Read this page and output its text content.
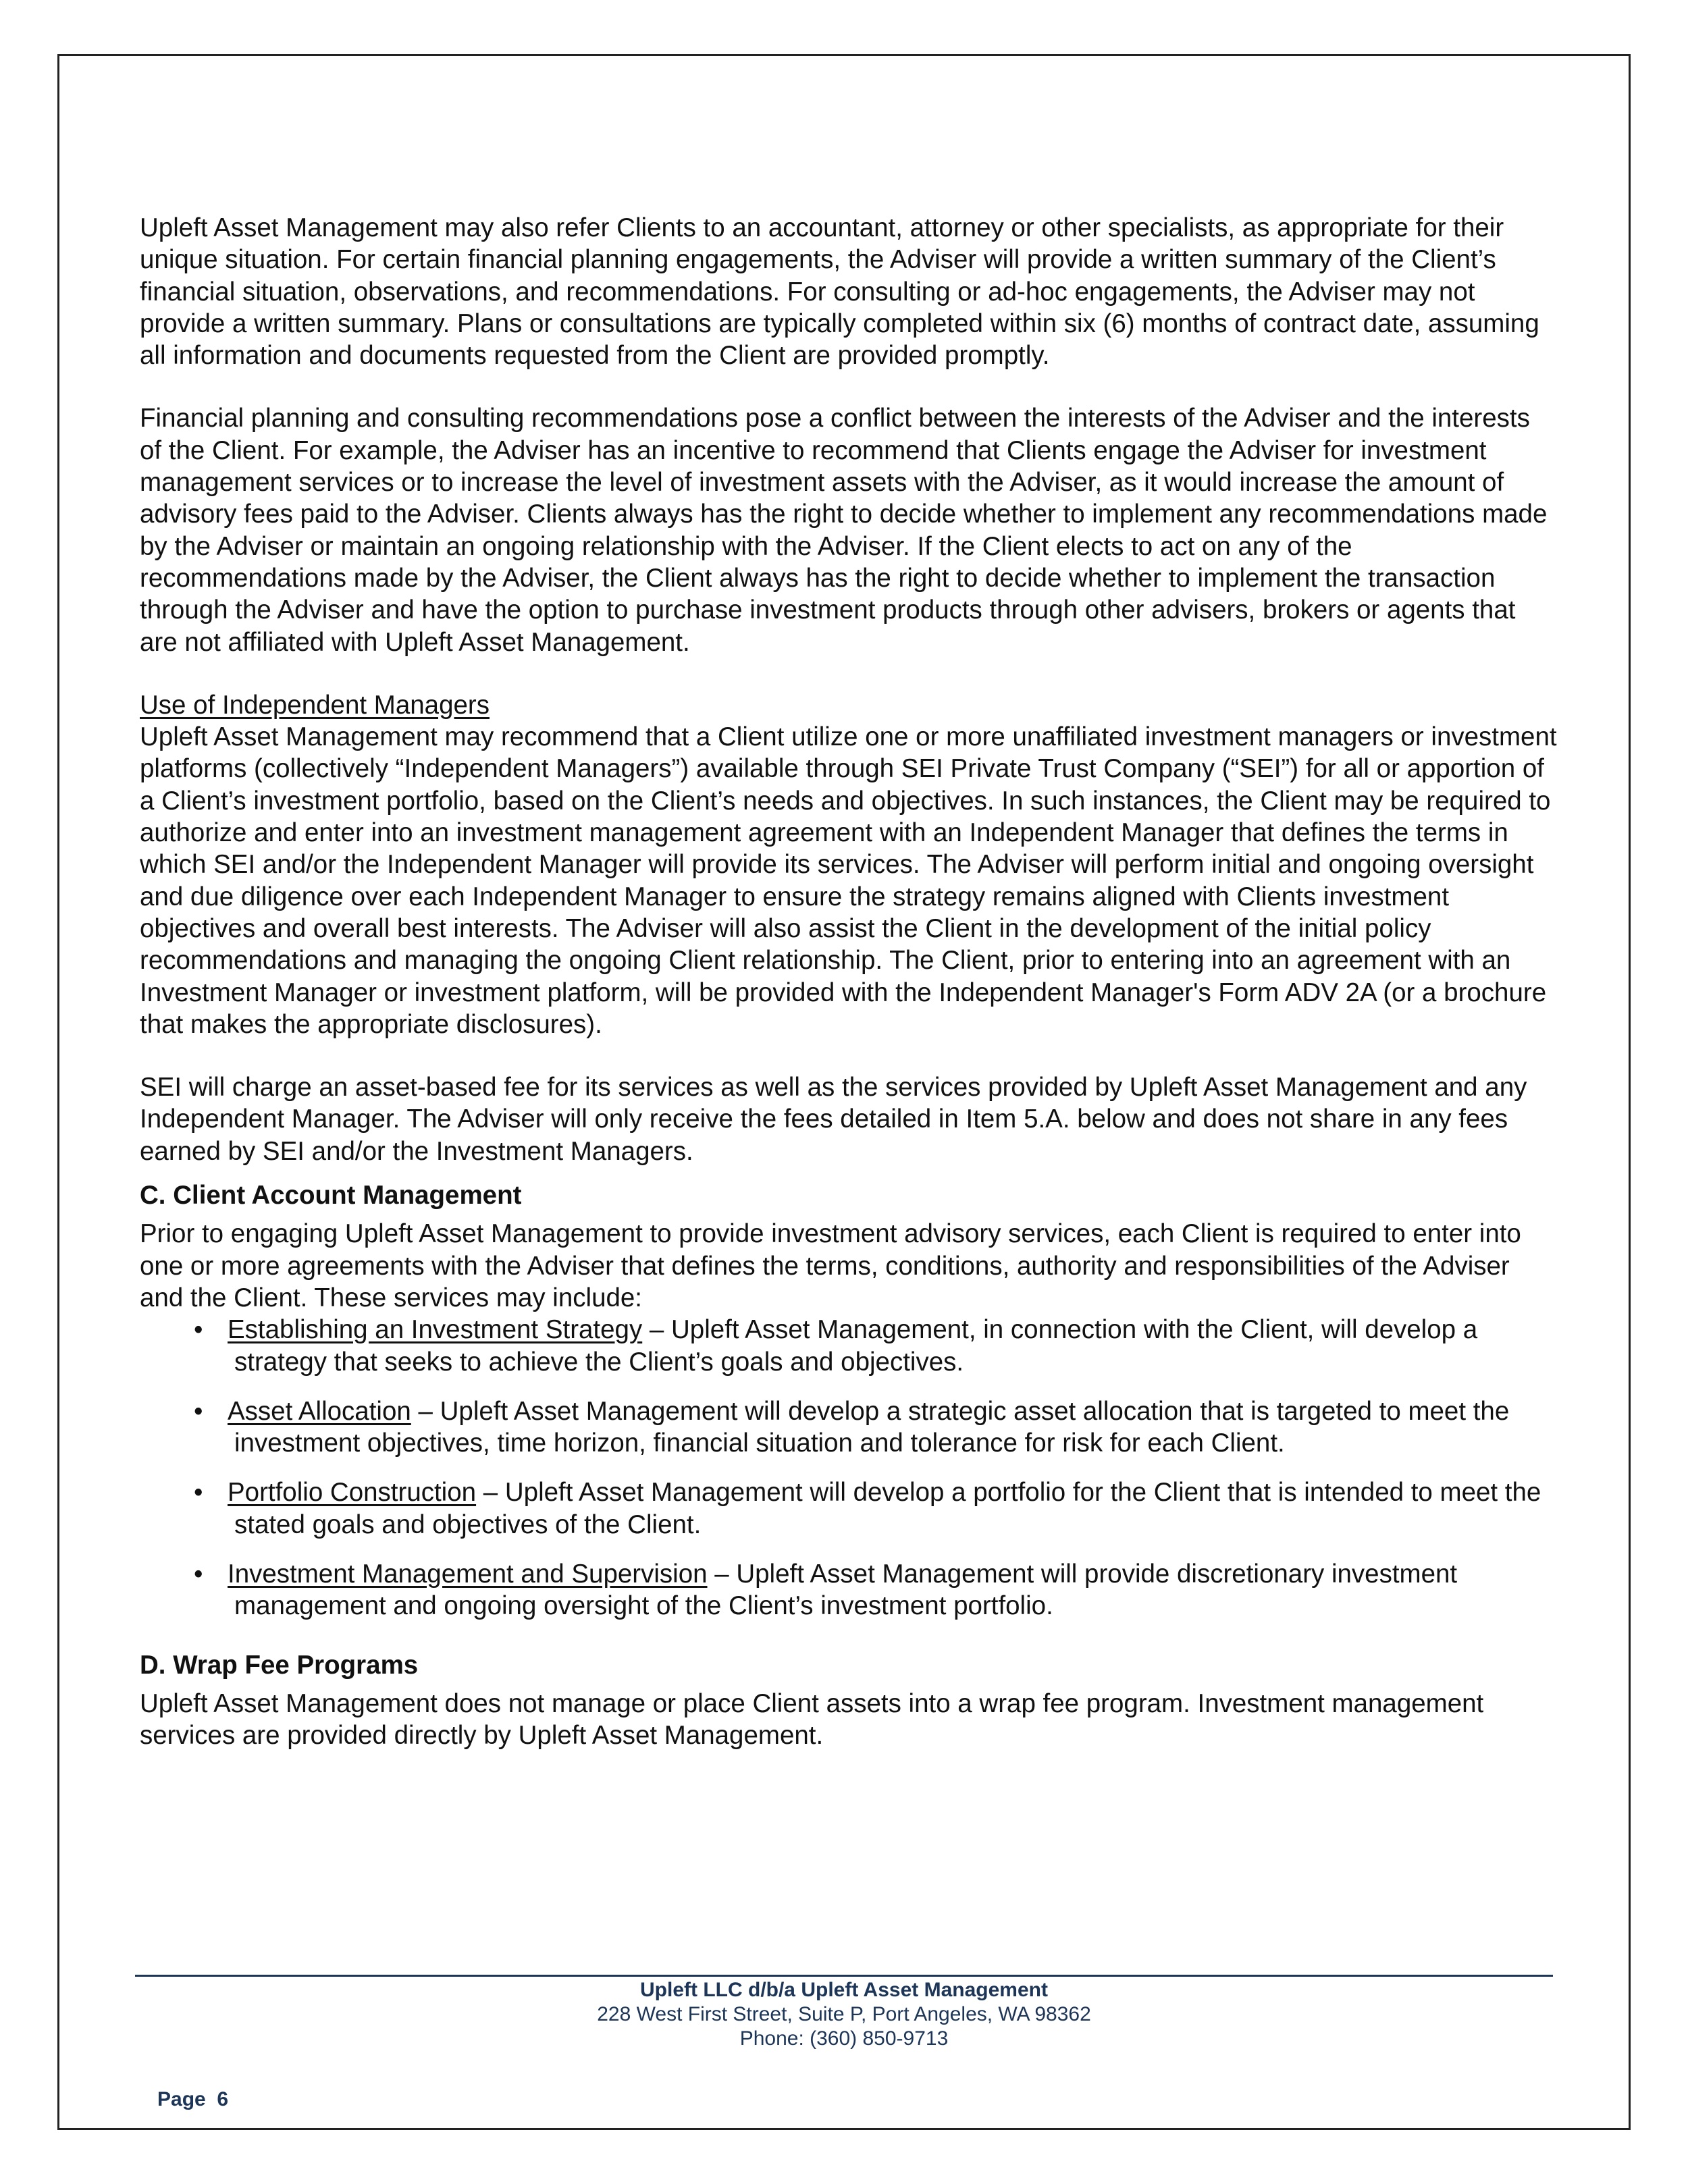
Upleft Asset Management may also refer Clients to an accountant, attorney or other specialists, as appropriate for their unique situation. For certain financial planning engagements, the Adviser will provide a written summary of the Client’s financial situation, observations, and recommendations. For consulting or ad-hoc engagements, the Adviser may not provide a written summary. Plans or consultations are typically completed within six (6) months of contract date, assuming all information and documents requested from the Client are provided promptly.

Financial planning and consulting recommendations pose a conflict between the interests of the Adviser and the interests of the Client. For example, the Adviser has an incentive to recommend that Clients engage the Adviser for investment management services or to increase the level of investment assets with the Adviser, as it would increase the amount of advisory fees paid to the Adviser. Clients always has the right to decide whether to implement any recommendations made by the Adviser or maintain an ongoing relationship with the Adviser. If the Client elects to act on any of the recommendations made by the Adviser, the Client always has the right to decide whether to implement the transaction through the Adviser and have the option to purchase investment products through other advisers, brokers or agents that are not affiliated with Upleft Asset Management.

Use of Independent Managers

Upleft Asset Management may recommend that a Client utilize one or more unaffiliated investment managers or investment platforms (collectively “Independent Managers”) available through SEI Private Trust Company (“SEI”) for all or apportion of a Client’s investment portfolio, based on the Client’s needs and objectives. In such instances, the Client may be required to authorize and enter into an investment management agreement with an Independent Manager that defines the terms in which SEI and/or the Independent Manager will provide its services. The Adviser will perform initial and ongoing oversight and due diligence over each Independent Manager to ensure the strategy remains aligned with Clients investment objectives and overall best interests. The Adviser will also assist the Client in the development of the initial policy recommendations and managing the ongoing Client relationship. The Client, prior to entering into an agreement with an Investment Manager or investment platform, will be provided with the Independent Manager's Form ADV 2A (or a brochure that makes the appropriate disclosures).

SEI will charge an asset-based fee for its services as well as the services provided by Upleft Asset Management and any Independent Manager. The Adviser will only receive the fees detailed in Item 5.A. below and does not share in any fees earned by SEI and/or the Investment Managers.

C. Client Account Management

Prior to engaging Upleft Asset Management to provide investment advisory services, each Client is required to enter into one or more agreements with the Adviser that defines the terms, conditions, authority and responsibilities of the Adviser and the Client. These services may include:

• Establishing an Investment Strategy – Upleft Asset Management, in connection with the Client, will develop a strategy that seeks to achieve the Client’s goals and objectives.
• Asset Allocation – Upleft Asset Management will develop a strategic asset allocation that is targeted to meet the investment objectives, time horizon, financial situation and tolerance for risk for each Client.
• Portfolio Construction – Upleft Asset Management will develop a portfolio for the Client that is intended to meet the stated goals and objectives of the Client.
• Investment Management and Supervision – Upleft Asset Management will provide discretionary investment management and ongoing oversight of the Client’s investment portfolio.

D. Wrap Fee Programs

Upleft Asset Management does not manage or place Client assets into a wrap fee program. Investment management services are provided directly by Upleft Asset Management.

Upleft LLC d/b/a Upleft Asset Management
228 West First Street, Suite P, Port Angeles, WA 98362
Phone: (360) 850-9713
Page  6
